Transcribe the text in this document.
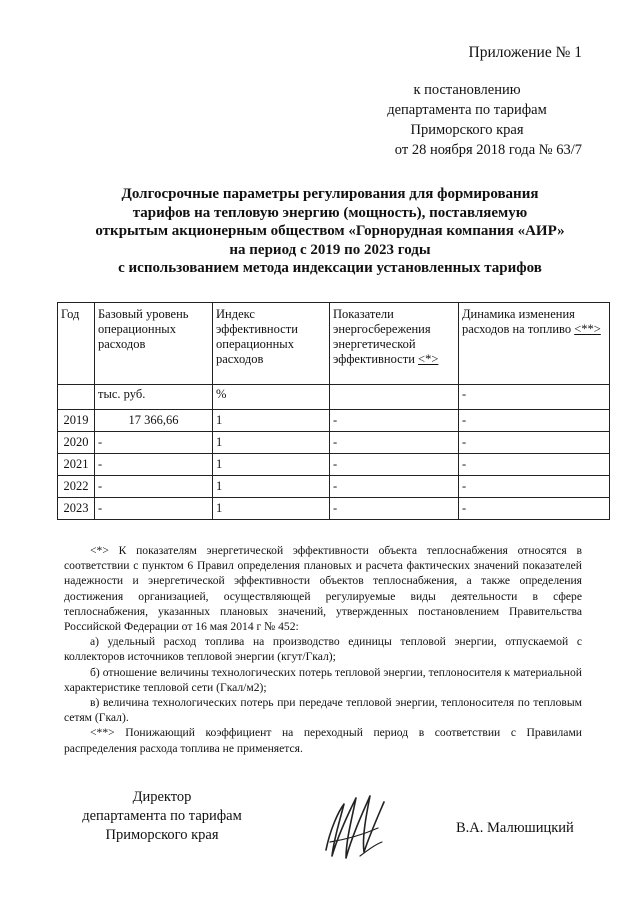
Приложение № 1
к постановлению
департамента по тарифам
Приморского края
от 28 ноября 2018 года № 63/7
Долгосрочные параметры регулирования для формирования
тарифов на тепловую энергию (мощность), поставляемую
открытым акционерным обществом «Горнорудная компания «АИР»
на период с 2019 по 2023 годы
с использованием метода индексации установленных тарифов
Год	Базовый уровень операционных расходов	Индекс эффективности операционных расходов	Показатели энергосбережения энергетической эффективности <*>	Динамика изменения расходов на топливо <**>
	тыс. руб.	%		-
2019	17 366,66	1	-	-
2020	-	1	-	-
2021	-	1	-	-
2022	-	1	-	-
2023	-	1	-	-

<*> К показателям энергетической эффективности объекта теплоснабжения относятся в соответствии с пунктом 6 Правил определения плановых и расчета фактических значений показателей надежности и энергетической эффективности объектов теплоснабжения, а также определения достижения организацией, осуществляющей регулируемые виды деятельности в сфере теплоснабжения, указанных плановых значений, утвержденных постановлением Правительства Российской Федерации от 16 мая 2014 г № 452:

а) удельный расход топлива на производство единицы тепловой энергии, отпускаемой с коллекторов источников тепловой энергии (кгут/Гкал);

б) отношение величины технологических потерь тепловой энергии, теплоносителя к материальной характеристике тепловой сети (Гкал/м2);

в) величина технологических потерь при передаче тепловой энергии, теплоносителя по тепловым сетям (Гкал).

<**> Понижающий коэффициент на переходный период в соответствии с Правилами распределения расхода топлива не применяется.

Директор
департамента по тарифам
Приморского края	В.А. Малюшицкий
